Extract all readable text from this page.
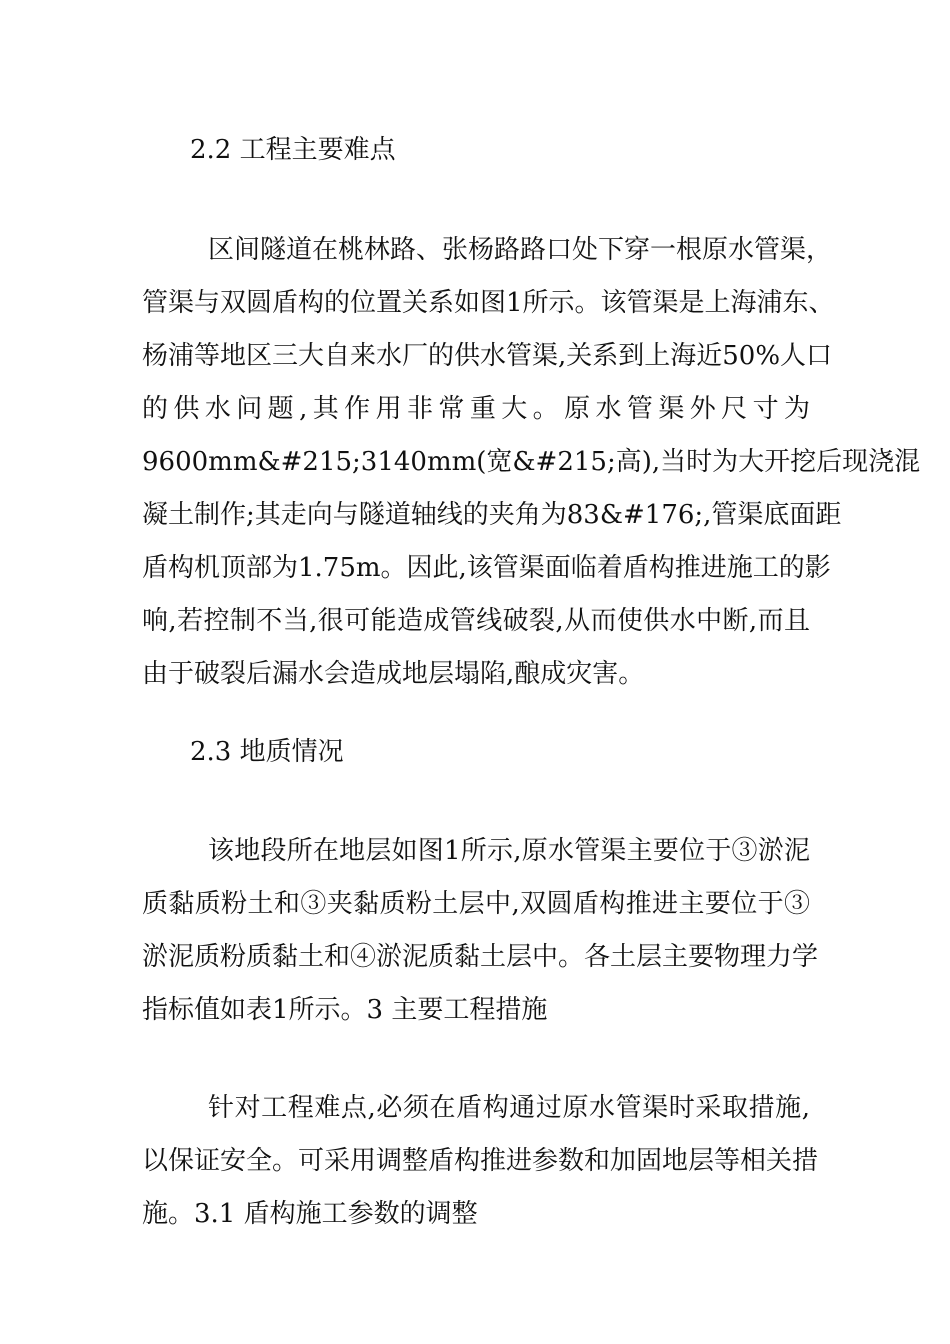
2.2 工程主要难点
区间隧道在桃林路、张杨路路口处下穿一根原水管渠，
管渠与双圆盾构的位置关系如图1所示。该管渠是上海浦东、
杨浦等地区三大自来水厂的供水管渠,关系到上海近50%人口
的供水问题,其作用非常重大。原水管渠外尺寸为
9600mm&#215;3140mm(宽&#215;高),当时为大开挖后现浇混
凝土制作;其走向与隧道轴线的夹角为83&#176;,管渠底面距
盾构机顶部为1.75m。因此,该管渠面临着盾构推进施工的影
响,若控制不当,很可能造成管线破裂,从而使供水中断,而且
由于破裂后漏水会造成地层塌陷,酿成灾害。
2.3 地质情况
该地段所在地层如图1所示,原水管渠主要位于③淤泥
质黏质粉土和③夹黏质粉土层中,双圆盾构推进主要位于③
淤泥质粉质黏土和④淤泥质黏土层中。各土层主要物理力学
指标值如表1所示。3 主要工程措施
针对工程难点,必须在盾构通过原水管渠时采取措施,
以保证安全。可采用调整盾构推进参数和加固地层等相关措
施。3.1 盾构施工参数的调整
